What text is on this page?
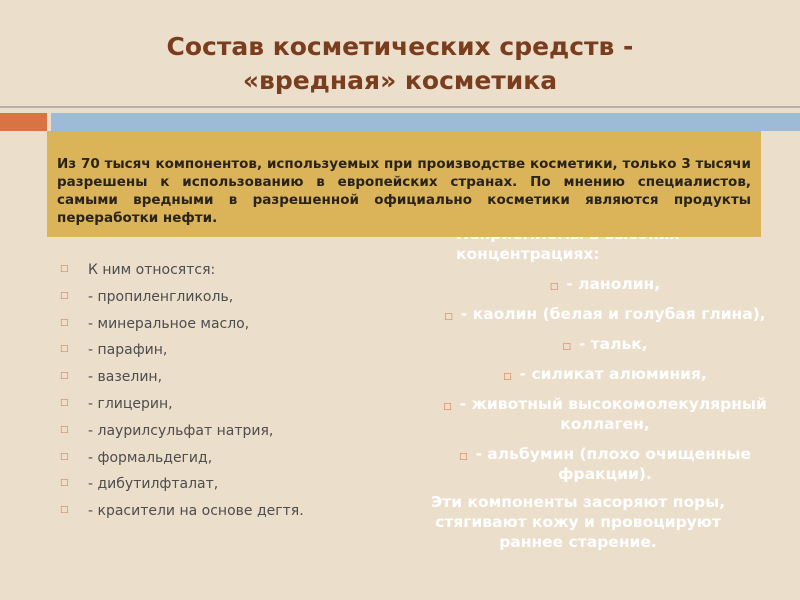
Состав косметических средств -
«вредная» косметика
концентрациях:
□ - ланолин,
□ - каолин (белая и голубая глина),
□ - тальк,
□ - силикат алюминия,
□ - животный высокомолекулярный коллаген,
□ - альбумин (плохо очищенные фракции).
Эти компоненты засоряют поры, стягивают кожу и провоцируют раннее старение.
Из 70 тысяч компонентов, используемых при производстве косметики, только 3 тысячи разрешены к использованию в европейских странах. По мнению специалистов, самыми вредными в разрешенной официально косметики являются продукты переработки нефти.
□ К ним относятся:
□ - пропиленгликоль,
□ - минеральное масло,
□ - парафин,
□ - вазелин,
□ - глицерин,
□ - лаурилсульфат натрия,
□ - формальдегид,
□ - дибутилфталат,
□ - красители на основе дегтя.
